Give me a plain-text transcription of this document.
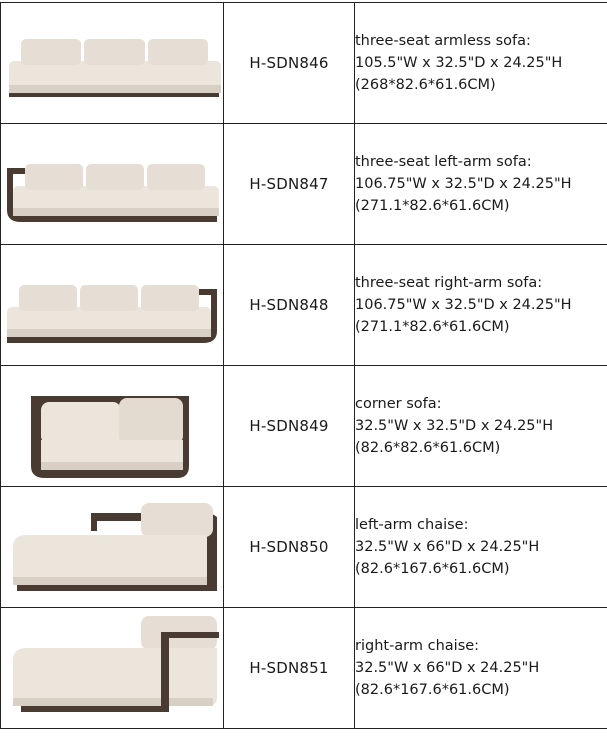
	H-SDN846	three-seat armless sofa:
105.5"W x 32.5"D x 24.25"H
(268*82.6*61.6CM)

	H-SDN847	three-seat left-arm sofa:
106.75"W x 32.5"D x 24.25"H
(271.1*82.6*61.6CM)

	H-SDN848	three-seat right-arm sofa:
106.75"W x 32.5"D x 24.25"H
(271.1*82.6*61.6CM)

	H-SDN849	corner sofa:
32.5"W x 32.5"D x 24.25"H
(82.6*82.6*61.6CM)

	H-SDN850	left-arm chaise:
32.5"W x 66"D x 24.25"H
(82.6*167.6*61.6CM)

	H-SDN851	right-arm chaise:
32.5"W x 66"D x 24.25"H
(82.6*167.6*61.6CM)
